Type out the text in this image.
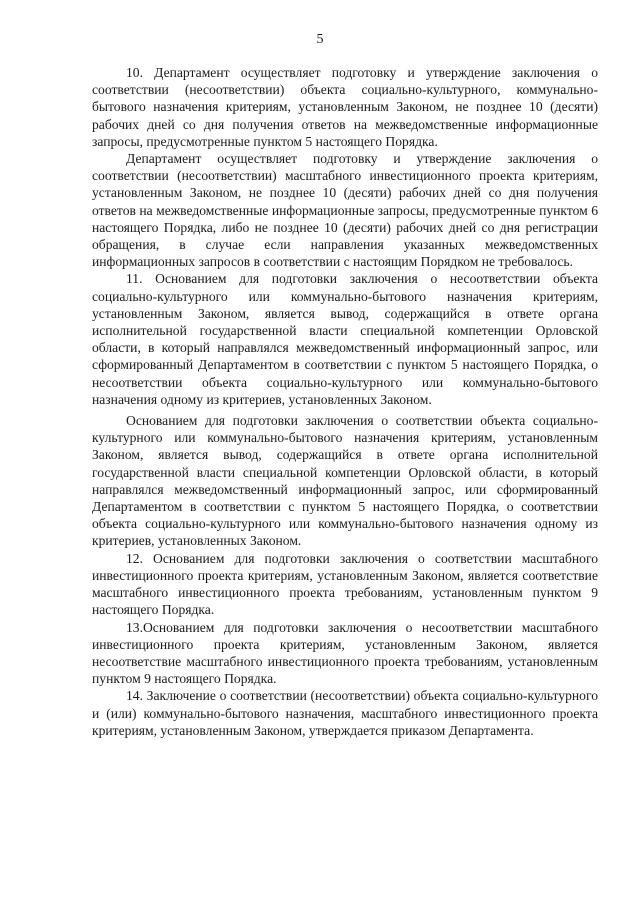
5

10. Департамент осуществляет подготовку и утверждение заключения о соответствии (несоответствии) объекта социально-культурного, коммунально-бытового назначения критериям, установленным Законом, не позднее 10 (десяти) рабочих дней со дня получения ответов на межведомственные информационные запросы, предусмотренные пунктом 5 настоящего Порядка.

Департамент осуществляет подготовку и утверждение заключения о соответствии (несоответствии) масштабного инвестиционного проекта критериям, установленным Законом, не позднее 10 (десяти) рабочих дней со дня получения ответов на межведомственные информационные запросы, предусмотренные пунктом 6 настоящего Порядка, либо не позднее 10 (десяти) рабочих дней со дня регистрации обращения, в случае если направления указанных межведомственных информационных запросов в соответствии с настоящим Порядком не требовалось.

11. Основанием для подготовки заключения о несоответствии объекта социально-культурного или коммунально-бытового назначения критериям, установленным Законом, является вывод, содержащийся в ответе органа исполнительной государственной власти специальной компетенции Орловской области, в который направлялся межведомственный информационный запрос, или сформированный Департаментом в соответствии с пунктом 5 настоящего Порядка, о несоответствии объекта социально-культурного или коммунально-бытового назначения одному из критериев, установленных Законом.

Основанием для подготовки заключения о соответствии объекта социально-культурного или коммунально-бытового назначения критериям, установленным Законом, является вывод, содержащийся в ответе органа исполнительной государственной власти специальной компетенции Орловской области, в который направлялся межведомственный информационный запрос, или сформированный Департаментом в соответствии с пунктом 5 настоящего Порядка, о соответствии объекта социально-культурного или коммунально-бытового назначения одному из критериев, установленных Законом.

12. Основанием для подготовки заключения о соответствии масштабного инвестиционного проекта критериям, установленным Законом, является соответствие масштабного инвестиционного проекта требованиям, установленным пунктом 9 настоящего Порядка.

13.Основанием для подготовки заключения о несоответствии масштабного инвестиционного проекта критериям, установленным Законом, является несоответствие масштабного инвестиционного проекта требованиям, установленным пунктом 9 настоящего Порядка.

14. Заключение о соответствии (несоответствии) объекта социально-культурного и (или) коммунально-бытового назначения, масштабного инвестиционного проекта критериям, установленным Законом, утверждается приказом Департамента.
